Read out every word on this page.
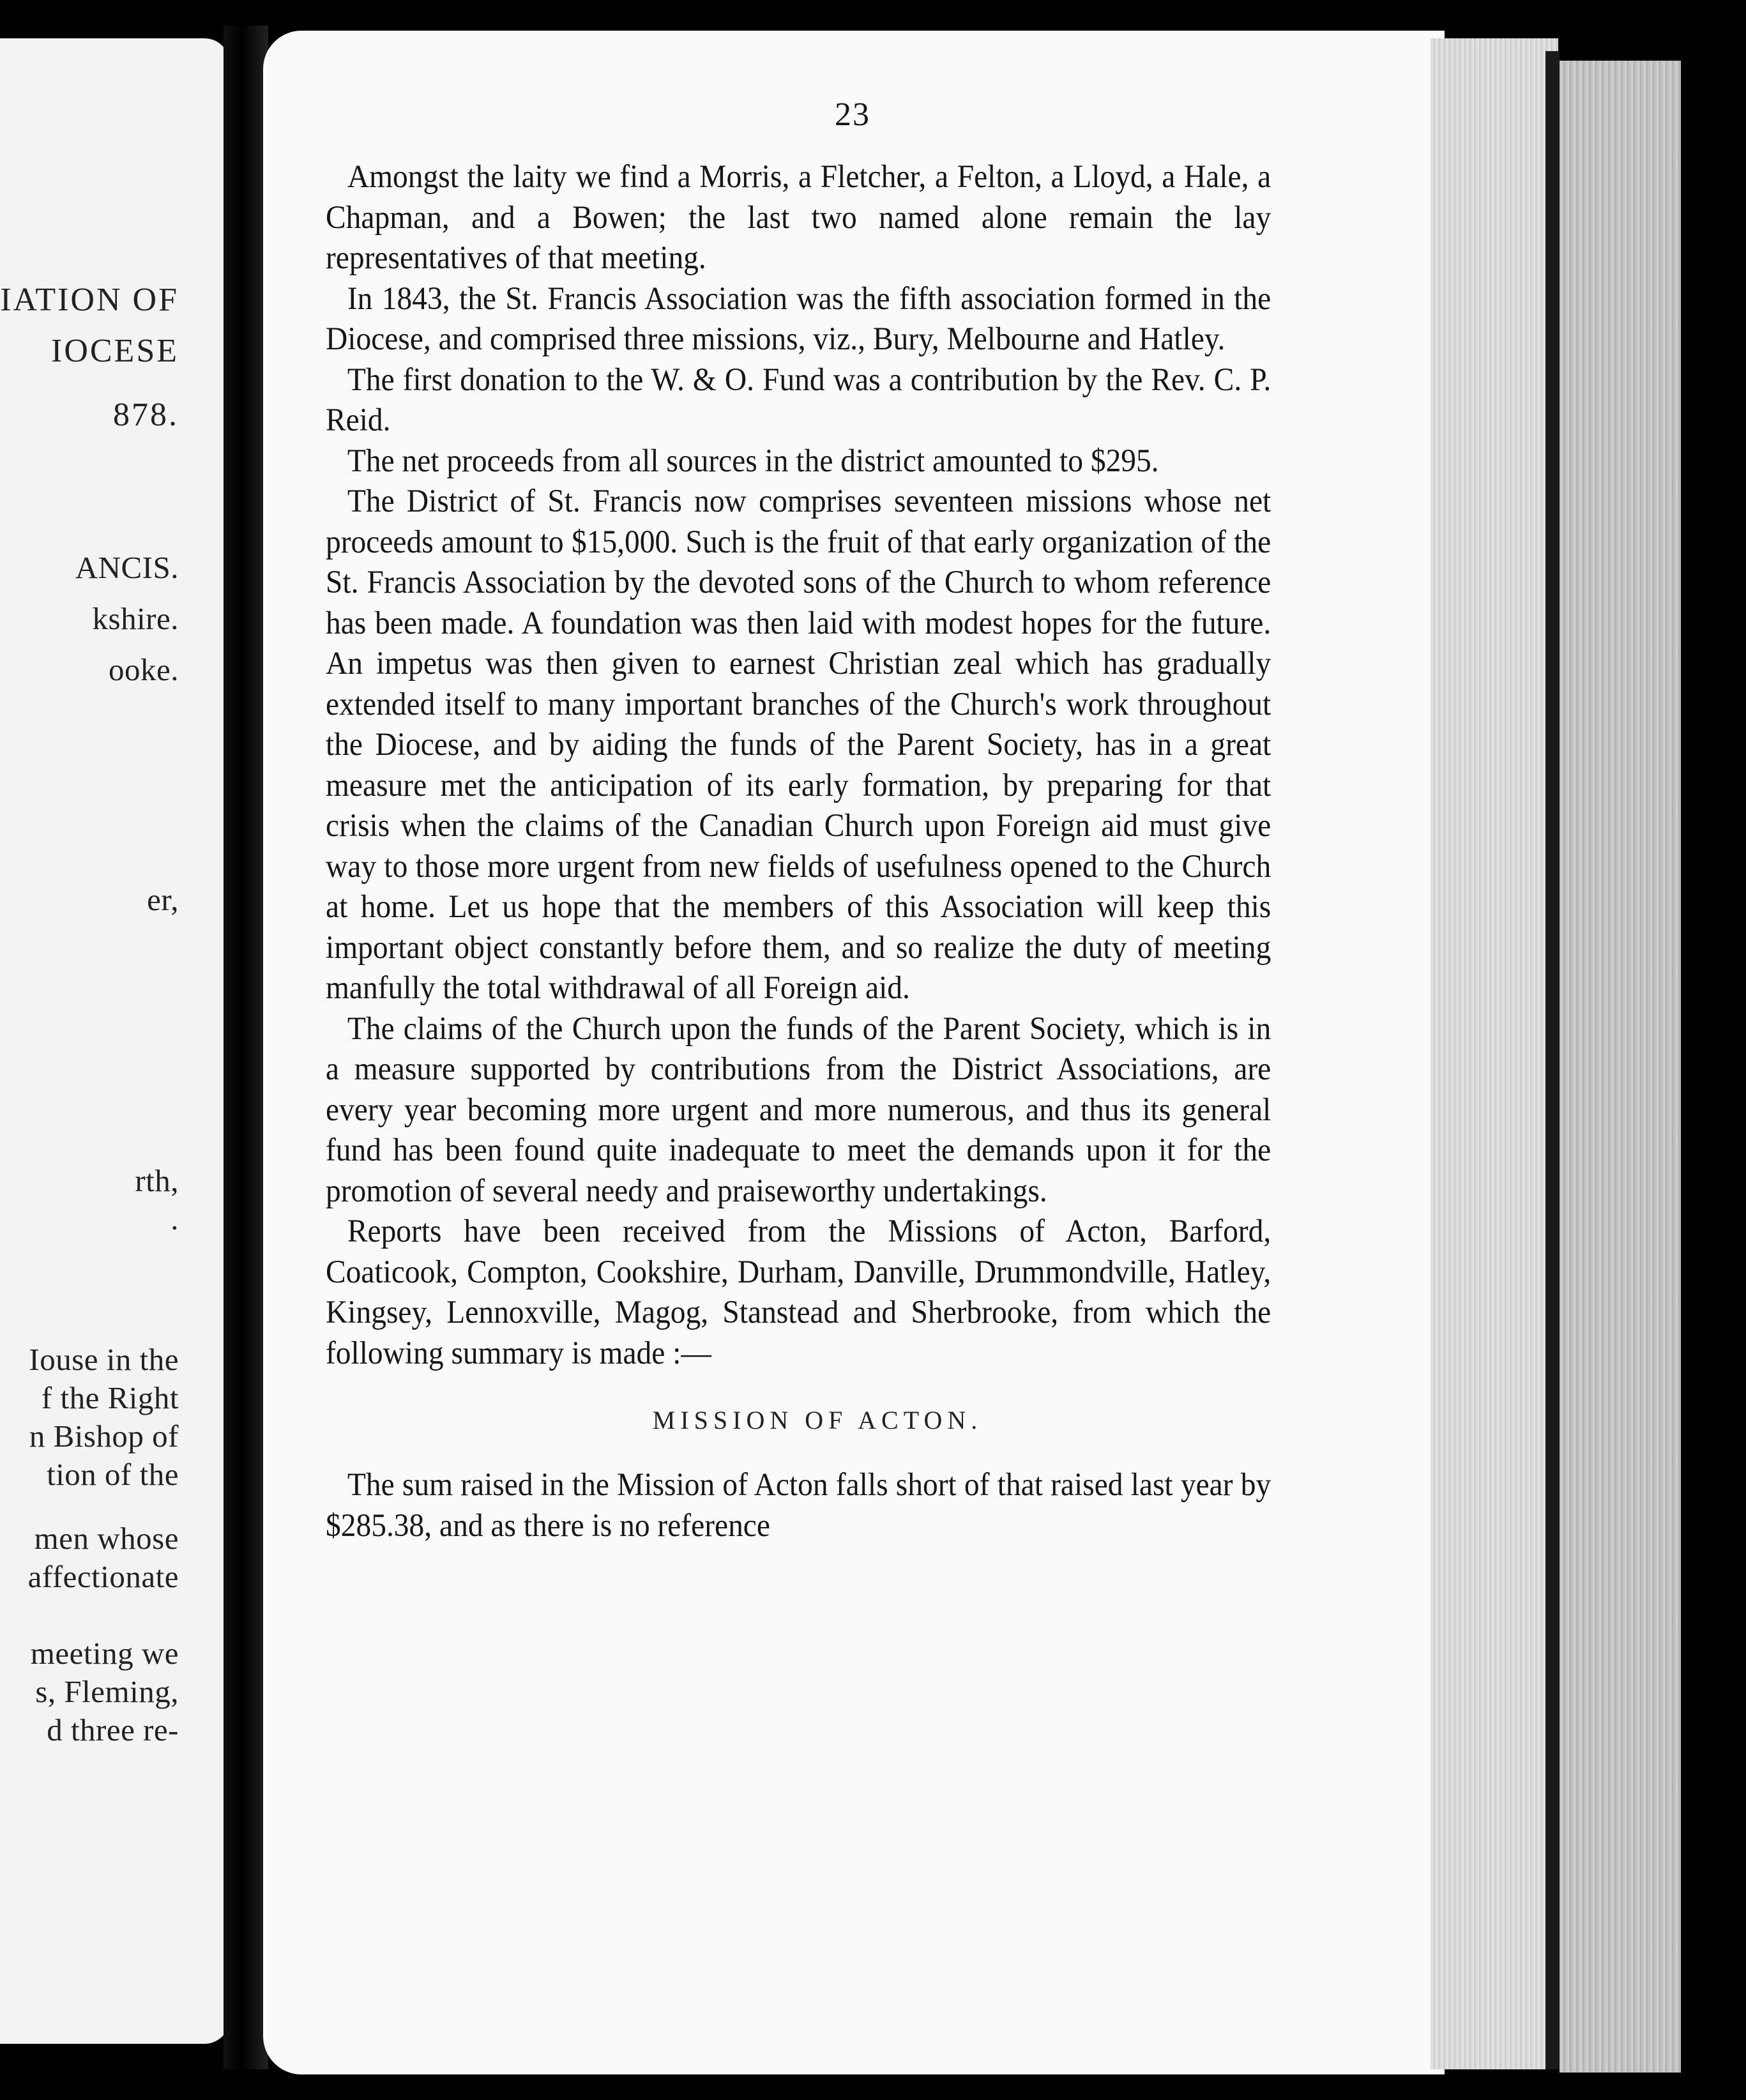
IATION OF
IOCESE
878.
ANCIS.
kshire.
ooke.
er,
rth,
.
Iouse in the
f the Right
n Bishop of
tion of the
men whose
affectionate
meeting we
s, Fleming,
d three re-
23

Amongst the laity we find a Morris, a Fletcher, a Felton, a Lloyd, a Hale, a Chapman, and a Bowen; the last two named alone remain the lay representatives of that meeting.

In 1843, the St. Francis Association was the fifth association formed in the Diocese, and comprised three missions, viz., Bury, Melbourne and Hatley.

The first donation to the W. & O. Fund was a contribution by the Rev. C. P. Reid.

The net proceeds from all sources in the district amounted to $295.

The District of St. Francis now comprises seventeen missions whose net proceeds amount to $15,000. Such is the fruit of that early organization of the St. Francis Association by the devoted sons of the Church to whom reference has been made. A foundation was then laid with modest hopes for the future. An impetus was then given to earnest Christian zeal which has gradually extended itself to many important branches of the Church's work throughout the Diocese, and by aiding the funds of the Parent Society, has in a great measure met the anticipation of its early formation, by preparing for that crisis when the claims of the Canadian Church upon Foreign aid must give way to those more urgent from new fields of usefulness opened to the Church at home. Let us hope that the members of this Association will keep this important object constantly before them, and so realize the duty of meeting manfully the total withdrawal of all Foreign aid.

The claims of the Church upon the funds of the Parent Society, which is in a measure supported by contributions from the District Associations, are every year becoming more urgent and more numerous, and thus its general fund has been found quite inadequate to meet the demands upon it for the promotion of several needy and praiseworthy undertakings.

Reports have been received from the Missions of Acton, Barford, Coaticook, Compton, Cookshire, Durham, Danville, Drummondville, Hatley, Kingsey, Lennoxville, Magog, Stanstead and Sherbrooke, from which the following summary is made :—

MISSION OF ACTON.

The sum raised in the Mission of Acton falls short of that raised last year by $285.38, and as there is no reference
